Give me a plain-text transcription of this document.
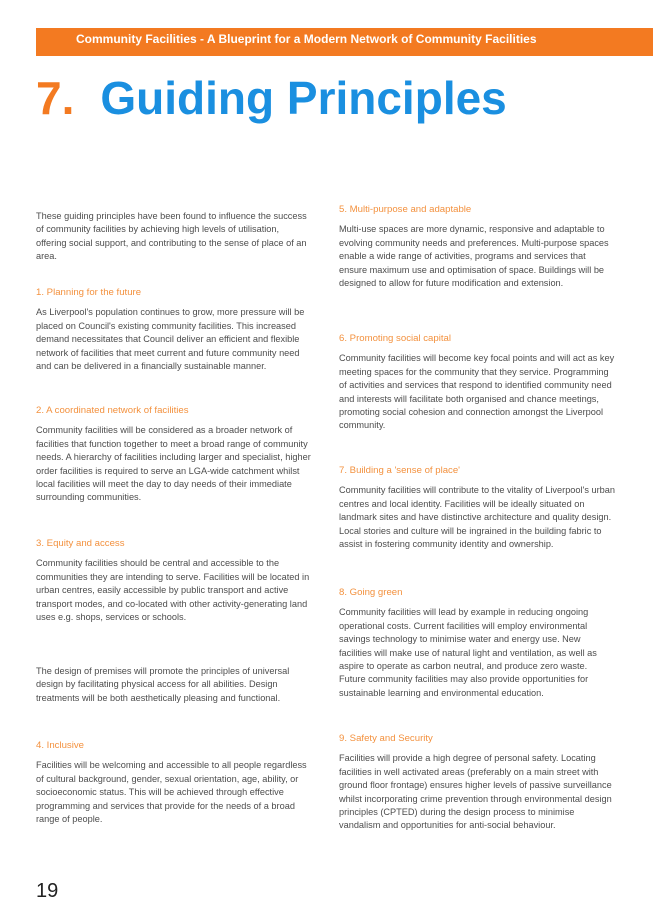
Community Facilities - A Blueprint for a Modern Network of Community Facilities
7. Guiding Principles

These guiding principles have been found to influence the success of community facilities by achieving high levels of utilisation, offering social support, and contributing to the sense of place of an area.

1. Planning for the future

As Liverpool's population continues to grow, more pressure will be placed on Council's existing community facilities. This increased demand necessitates that Council deliver an efficient and flexible network of facilities that meet current and future community need and can be delivered in a financially sustainable manner.

2. A coordinated network of facilities

Community facilities will be considered as a broader network of facilities that function together to meet a broad range of community needs. A hierarchy of facilities including larger and specialist, higher order facilities is required to serve an LGA-wide catchment whilst local facilities will meet the day to day needs of their immediate surrounding communities.

3. Equity and access

Community facilities should be central and accessible to the communities they are intending to serve. Facilities will be located in urban centres, easily accessible by public transport and active transport modes, and co-located with other activity-generating land uses e.g. shops, services or schools.

The design of premises will promote the principles of universal design by facilitating physical access for all abilities. Design treatments will be both aesthetically pleasing and functional.

4. Inclusive

Facilities will be welcoming and accessible to all people regardless of cultural background, gender, sexual orientation, age, ability, or socioeconomic status. This will be achieved through effective programming and services that provide for the needs of a broad range of people.

5. Multi-purpose and adaptable

Multi-use spaces are more dynamic, responsive and adaptable to evolving community needs and preferences. Multi-purpose spaces enable a wide range of activities, programs and services that ensure maximum use and optimisation of space. Buildings will be designed to allow for future modification and extension.

6. Promoting social capital

Community facilities will become key focal points and will act as key meeting spaces for the community that they service. Programming of activities and services that respond to identified community need and interests will facilitate both organised and chance meetings, promoting social cohesion and connection amongst the Liverpool community.

7. Building a 'sense of place'

Community facilities will contribute to the vitality of Liverpool's urban centres and local identity. Facilities will be ideally situated on landmark sites and have distinctive architecture and quality design. Local stories and culture will be ingrained in the building fabric to assist in fostering community identity and ownership.

8. Going green

Community facilities will lead by example in reducing ongoing operational costs. Current facilities will employ environmental savings technology to minimise water and energy use. New facilities will make use of natural light and ventilation, as well as aspire to operate as carbon neutral, and produce zero waste. Future community facilities may also provide opportunities for sustainable learning and environmental education.

9. Safety and Security

Facilities will provide a high degree of personal safety. Locating facilities in well activated areas (preferably on a main street with ground floor frontage) ensures higher levels of passive surveillance whilst incorporating crime prevention through environmental design principles (CPTED) during the design process to minimise vandalism and opportunities for anti-social behaviour.

19
